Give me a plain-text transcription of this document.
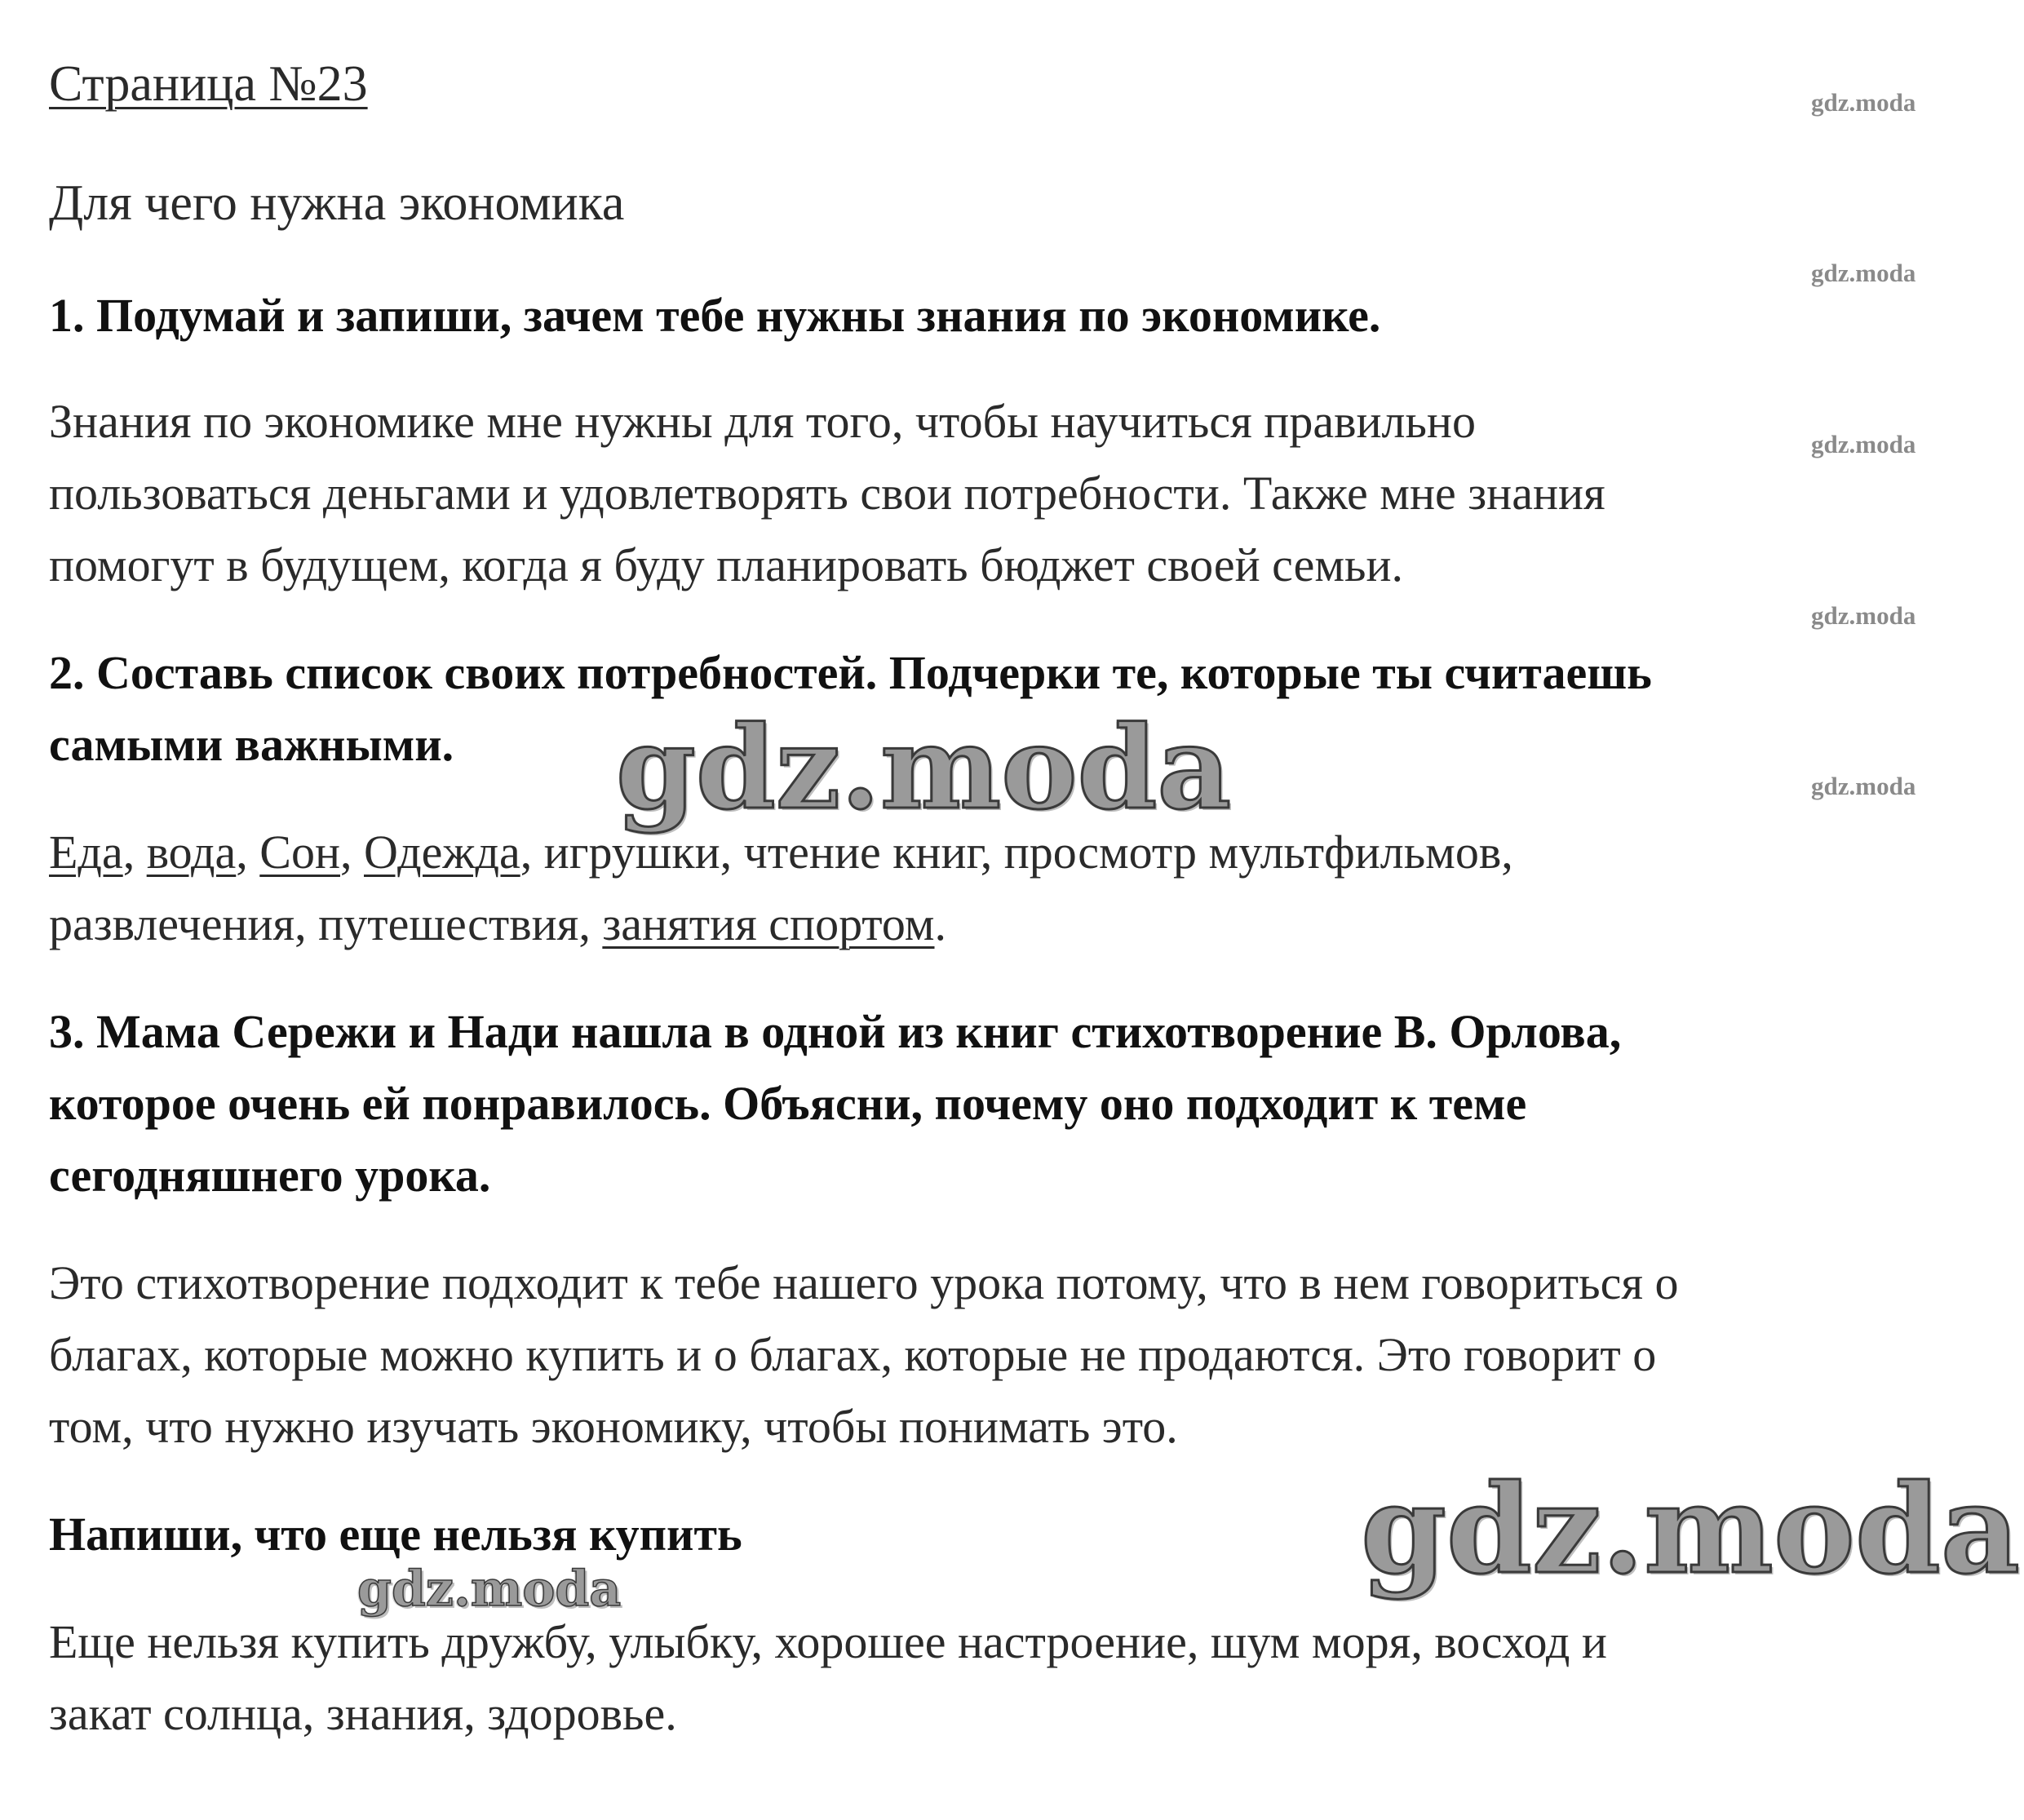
Страница №23
Для чего нужна экономика
1. Подумай и запиши, зачем тебе нужны знания по экономике.
Знания по экономике мне нужны для того, чтобы научиться правильно
пользоваться деньгами и удовлетворять свои потребности. Также мне знания
помогут в будущем, когда я буду планировать бюджет своей семьи.
2. Составь список своих потребностей. Подчерки те, которые ты считаешь
самыми важными.
Еда, вода, Сон, Одежда, игрушки, чтение книг, просмотр мультфильмов,
развлечения, путешествия, занятия спортом.
3. Мама Сережи и Нади нашла в одной из книг стихотворение В. Орлова,
которое очень ей понравилось. Объясни, почему оно подходит к теме
сегодняшнего урока.
Это стихотворение подходит к тебе нашего урока потому, что в нем говориться о
благах, которые можно купить и о благах, которые не продаются. Это говорит о
том, что нужно изучать экономику, чтобы понимать это.
Напиши, что еще нельзя купить
Еще нельзя купить дружбу, улыбку, хорошее настроение, шум моря, восход и
закат солнца, знания, здоровье.
gdz.moda
gdz.moda
gdz.moda
gdz.moda
gdz.moda
gdz.moda
gdz.moda
gdz.moda
